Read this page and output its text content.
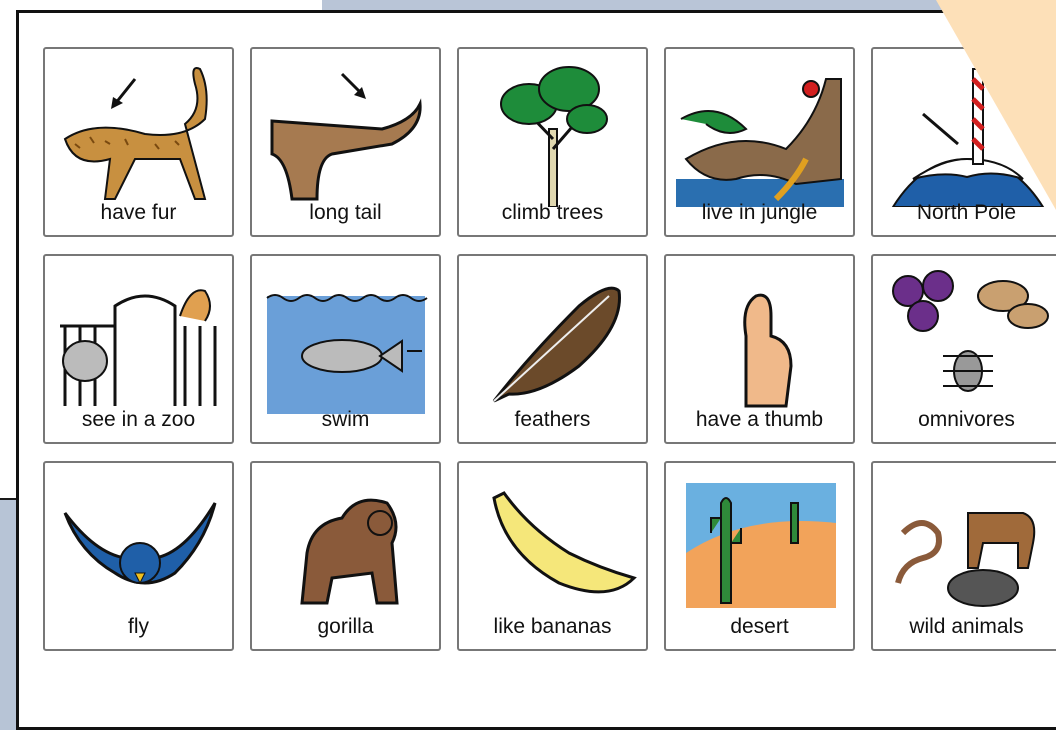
have fur	long tail	climb trees	live in jungle	North Pole
see in a zoo	swim	feathers	have a thumb	omnivores
fly	gorilla	like bananas	desert	wild animals
